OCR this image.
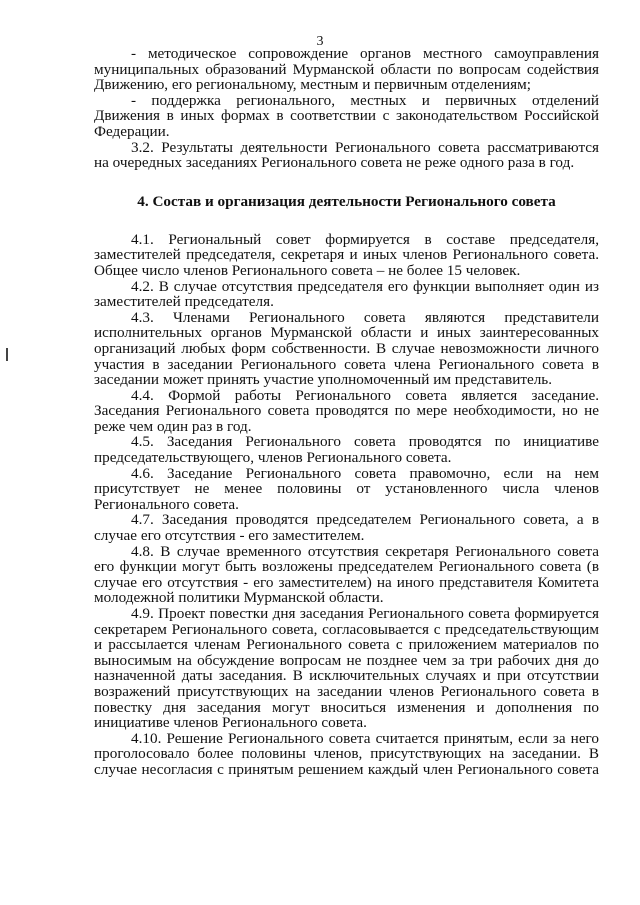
3

- методическое сопровождение органов местного самоуправления муниципальных образований Мурманской области по вопросам содействия Движению, его региональному, местным и первичным отделениям;

- поддержка регионального, местных и первичных отделений Движения в иных формах в соответствии с законодательством Российской Федерации.

3.2. Результаты деятельности Регионального совета рассматриваются на очередных заседаниях Регионального совета не реже одного раза в год.

4. Состав и организация деятельности Регионального совета

4.1. Региональный совет формируется в составе председателя, заместителей председателя, секретаря и иных членов Регионального совета. Общее число членов Регионального совета – не более 15 человек.

4.2. В случае отсутствия председателя его функции выполняет один из заместителей председателя.

4.3. Членами Регионального совета являются представители исполнительных органов Мурманской области и иных заинтересованных организаций любых форм собственности. В случае невозможности личного участия в заседании Регионального совета члена Регионального совета в заседании может принять участие уполномоченный им представитель.

4.4. Формой работы Регионального совета является заседание. Заседания Регионального совета проводятся по мере необходимости, но не реже чем один раз в год.

4.5. Заседания Регионального совета проводятся по инициативе председательствующего, членов Регионального совета.

4.6. Заседание Регионального совета правомочно, если на нем присутствует не менее половины от установленного числа членов Регионального совета.

4.7. Заседания проводятся председателем Регионального совета, а в случае его отсутствия - его заместителем.

4.8. В случае временного отсутствия секретаря Регионального совета его функции могут быть возложены председателем Регионального совета (в случае его отсутствия - его заместителем) на иного представителя Комитета молодежной политики Мурманской области.

4.9. Проект повестки дня заседания Регионального совета формируется секретарем Регионального совета, согласовывается с председательствующим и рассылается членам Регионального совета с приложением материалов по выносимым на обсуждение вопросам не позднее чем за три рабочих дня до назначенной даты заседания. В исключительных случаях и при отсутствии возражений присутствующих на заседании членов Регионального совета в повестку дня заседания могут вноситься изменения и дополнения по инициативе членов Регионального совета.

4.10. Решение Регионального совета считается принятым, если за него проголосовало более половины членов, присутствующих на заседании. В случае несогласия с принятым решением каждый член Регионального совета
